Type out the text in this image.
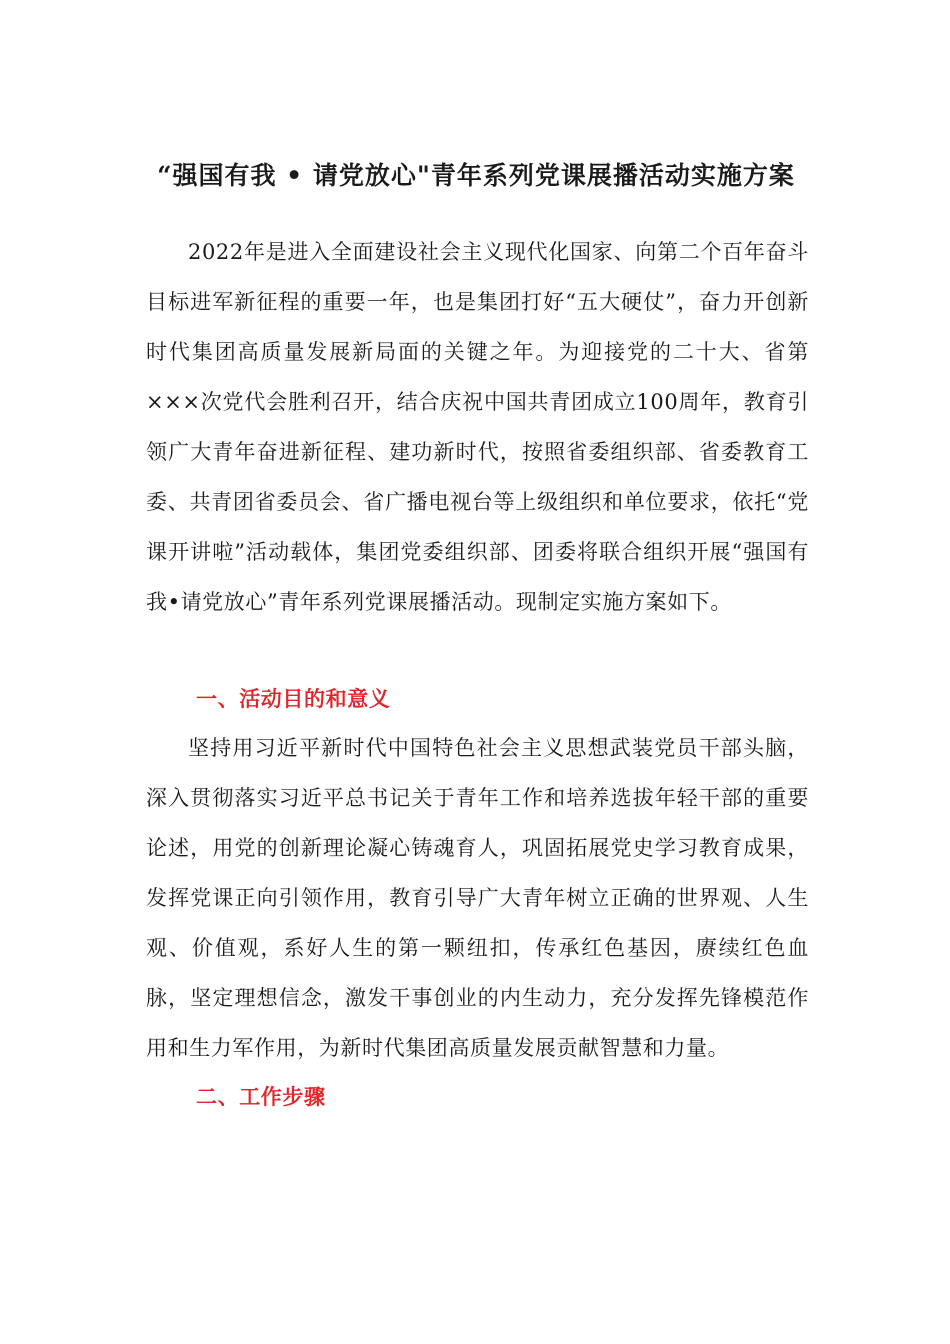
“强国有我 • 请党放心"青年系列党课展播活动实施方案

2022年是进入全面建设社会主义现代化国家、向第二个百年奋斗目标进军新征程的重要一年，也是集团打好“五大硬仗”，奋力开创新时代集团高质量发展新局面的关键之年。为迎接党的二十大、省第×××次党代会胜利召开，结合庆祝中国共青团成立100周年，教育引领广大青年奋进新征程、建功新时代，按照省委组织部、省委教育工委、共青团省委员会、省广播电视台等上级组织和单位要求，依托“党课开讲啦”活动载体，集团党委组织部、团委将联合组织开展“强国有我•请党放心”青年系列党课展播活动。现制定实施方案如下。

一、活动目的和意义

坚持用习近平新时代中国特色社会主义思想武装党员干部头脑，深入贯彻落实习近平总书记关于青年工作和培养选拔年轻干部的重要论述，用党的创新理论凝心铸魂育人，巩固拓展党史学习教育成果，发挥党课正向引领作用，教育引导广大青年树立正确的世界观、人生观、价值观，系好人生的第一颗纽扣，传承红色基因，赓续红色血脉，坚定理想信念，激发干事创业的内生动力，充分发挥先锋模范作用和生力军作用，为新时代集团高质量发展贡献智慧和力量。

二、工作步骤
